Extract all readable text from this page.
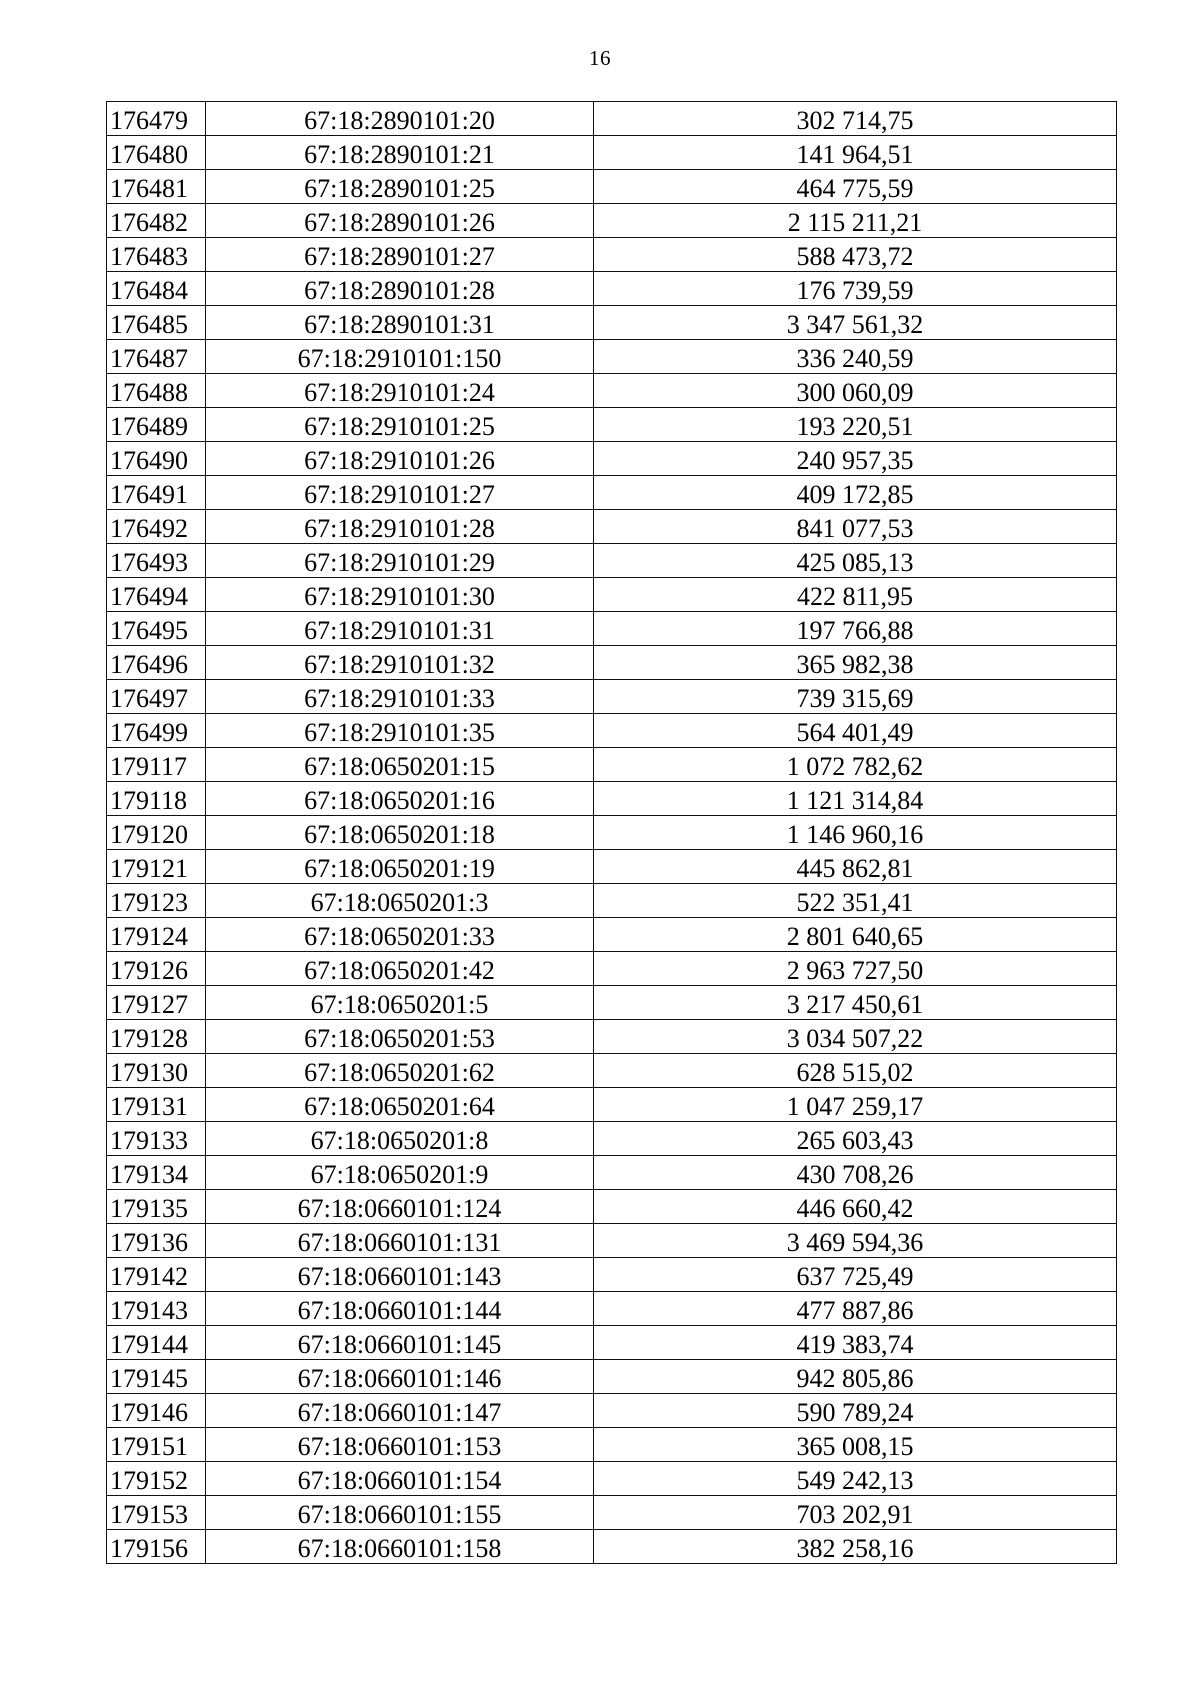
16
176479	67:18:2890101:20	302 714,75
176480	67:18:2890101:21	141 964,51
176481	67:18:2890101:25	464 775,59
176482	67:18:2890101:26	2 115 211,21
176483	67:18:2890101:27	588 473,72
176484	67:18:2890101:28	176 739,59
176485	67:18:2890101:31	3 347 561,32
176487	67:18:2910101:150	336 240,59
176488	67:18:2910101:24	300 060,09
176489	67:18:2910101:25	193 220,51
176490	67:18:2910101:26	240 957,35
176491	67:18:2910101:27	409 172,85
176492	67:18:2910101:28	841 077,53
176493	67:18:2910101:29	425 085,13
176494	67:18:2910101:30	422 811,95
176495	67:18:2910101:31	197 766,88
176496	67:18:2910101:32	365 982,38
176497	67:18:2910101:33	739 315,69
176499	67:18:2910101:35	564 401,49
179117	67:18:0650201:15	1 072 782,62
179118	67:18:0650201:16	1 121 314,84
179120	67:18:0650201:18	1 146 960,16
179121	67:18:0650201:19	445 862,81
179123	67:18:0650201:3	522 351,41
179124	67:18:0650201:33	2 801 640,65
179126	67:18:0650201:42	2 963 727,50
179127	67:18:0650201:5	3 217 450,61
179128	67:18:0650201:53	3 034 507,22
179130	67:18:0650201:62	628 515,02
179131	67:18:0650201:64	1 047 259,17
179133	67:18:0650201:8	265 603,43
179134	67:18:0650201:9	430 708,26
179135	67:18:0660101:124	446 660,42
179136	67:18:0660101:131	3 469 594,36
179142	67:18:0660101:143	637 725,49
179143	67:18:0660101:144	477 887,86
179144	67:18:0660101:145	419 383,74
179145	67:18:0660101:146	942 805,86
179146	67:18:0660101:147	590 789,24
179151	67:18:0660101:153	365 008,15
179152	67:18:0660101:154	549 242,13
179153	67:18:0660101:155	703 202,91
179156	67:18:0660101:158	382 258,16
